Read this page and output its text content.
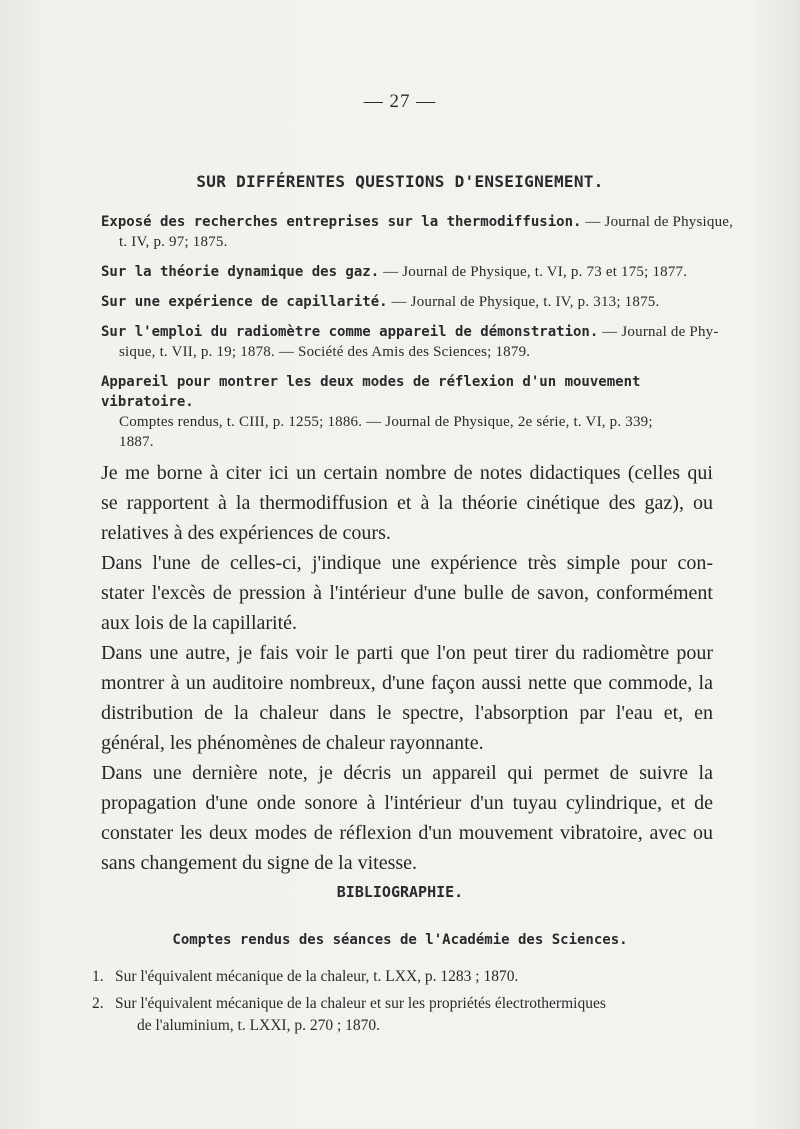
— 27 —
SUR DIFFÉRENTES QUESTIONS D'ENSEIGNEMENT.
Exposé des recherches entreprises sur la thermodiffusion. — Journal de Physique,
t. IV, p. 97; 1875.
Sur la théorie dynamique des gaz. — Journal de Physique, t. VI, p. 73 et 175; 1877.
Sur une expérience de capillarité. — Journal de Physique, t. IV, p. 313; 1875.
Sur l'emploi du radiomètre comme appareil de démonstration. — Journal de Phy-
sique, t. VII, p. 19; 1878. — Société des Amis des Sciences; 1879.
Appareil pour montrer les deux modes de réflexion d'un mouvement vibratoire.
Comptes rendus, t. CIII, p. 1255; 1886. — Journal de Physique, 2e série, t. VI, p. 339;
1887.
Je me borne à citer ici un certain nombre de notes didactiques (celles qui
se rapportent à la thermodiffusion et à la théorie cinétique des gaz), ou
relatives à des expériences de cours.
Dans l'une de celles-ci, j'indique une expérience très simple pour con-
stater l'excès de pression à l'intérieur d'une bulle de savon, conformément
aux lois de la capillarité.
Dans une autre, je fais voir le parti que l'on peut tirer du radiomètre pour
montrer à un auditoire nombreux, d'une façon aussi nette que commode, la
distribution de la chaleur dans le spectre, l'absorption par l'eau et, en
général, les phénomènes de chaleur rayonnante.
Dans une dernière note, je décris un appareil qui permet de suivre la
propagation d'une onde sonore à l'intérieur d'un tuyau cylindrique, et de
constater les deux modes de réflexion d'un mouvement vibratoire, avec ou
sans changement du signe de la vitesse.
BIBLIOGRAPHIE.
Comptes rendus des séances de l'Académie des Sciences.
1. Sur l'équivalent mécanique de la chaleur, t. LXX, p. 1283 ; 1870.
2. Sur l'équivalent mécanique de la chaleur et sur les propriétés électrothermiques
de l'aluminium, t. LXXI, p. 270 ; 1870.
